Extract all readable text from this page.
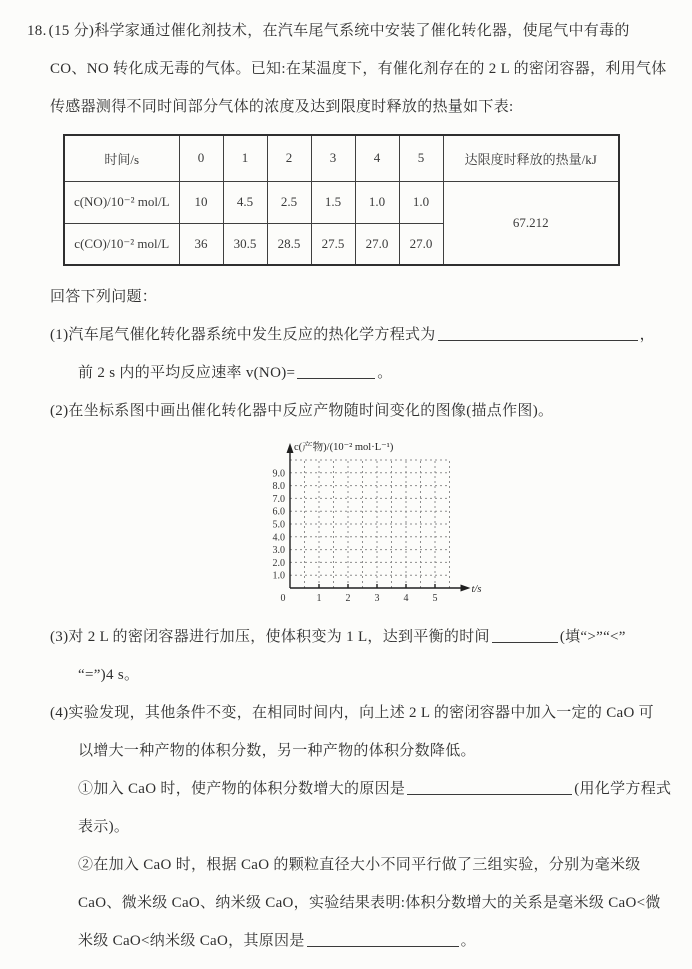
18. (15 分)科学家通过催化剂技术，在汽车尾气系统中安装了催化转化器，使尾气中有毒的
CO、NO 转化成无毒的气体。已知:在某温度下，有催化剂存在的 2 L 的密闭容器，利用气体
传感器测得不同时间部分气体的浓度及达到限度时释放的热量如下表:
时间/s	0	1	2	3	4	5	达限度时释放的热量/kJ
c(NO)/10⁻² mol/L	10	4.5	2.5	1.5	1.0	1.0	67.212
c(CO)/10⁻² mol/L	36	30.5	28.5	27.5	27.0	27.0	
回答下列问题：
(1)汽车尾气催化转化器系统中发生反应的热化学方程式为	，
前 2 s 内的平均反应速率 v(NO)=	。
(2)在坐标系图中画出催化转化器中反应产物随时间变化的图像(描点作图)。
0	1 2 3 4 5
1.0
2.0
3.0
4.0
5.0
6.0
7.0
8.0
9.0
c(产物)/(10⁻² mol·L⁻¹)
t/s
(3)对 2 L 的密闭容器进行加压，使体积变为 1 L，达到平衡的时间	(填“>”“<”
“=”)4 s。
(4)实验发现，其他条件不变，在相同时间内，向上述 2 L 的密闭容器中加入一定的 CaO 可
以增大一种产物的体积分数，另一种产物的体积分数降低。
①加入 CaO 时，使产物的体积分数增大的原因是	(用化学方程式
表示)。
②在加入 CaO 时，根据 CaO 的颗粒直径大小不同平行做了三组实验，分别为毫米级
CaO、微米级 CaO、纳米级 CaO，实验结果表明:体积分数增大的关系是毫米级 CaO<微
米级 CaO<纳米级 CaO，其原因是	。
